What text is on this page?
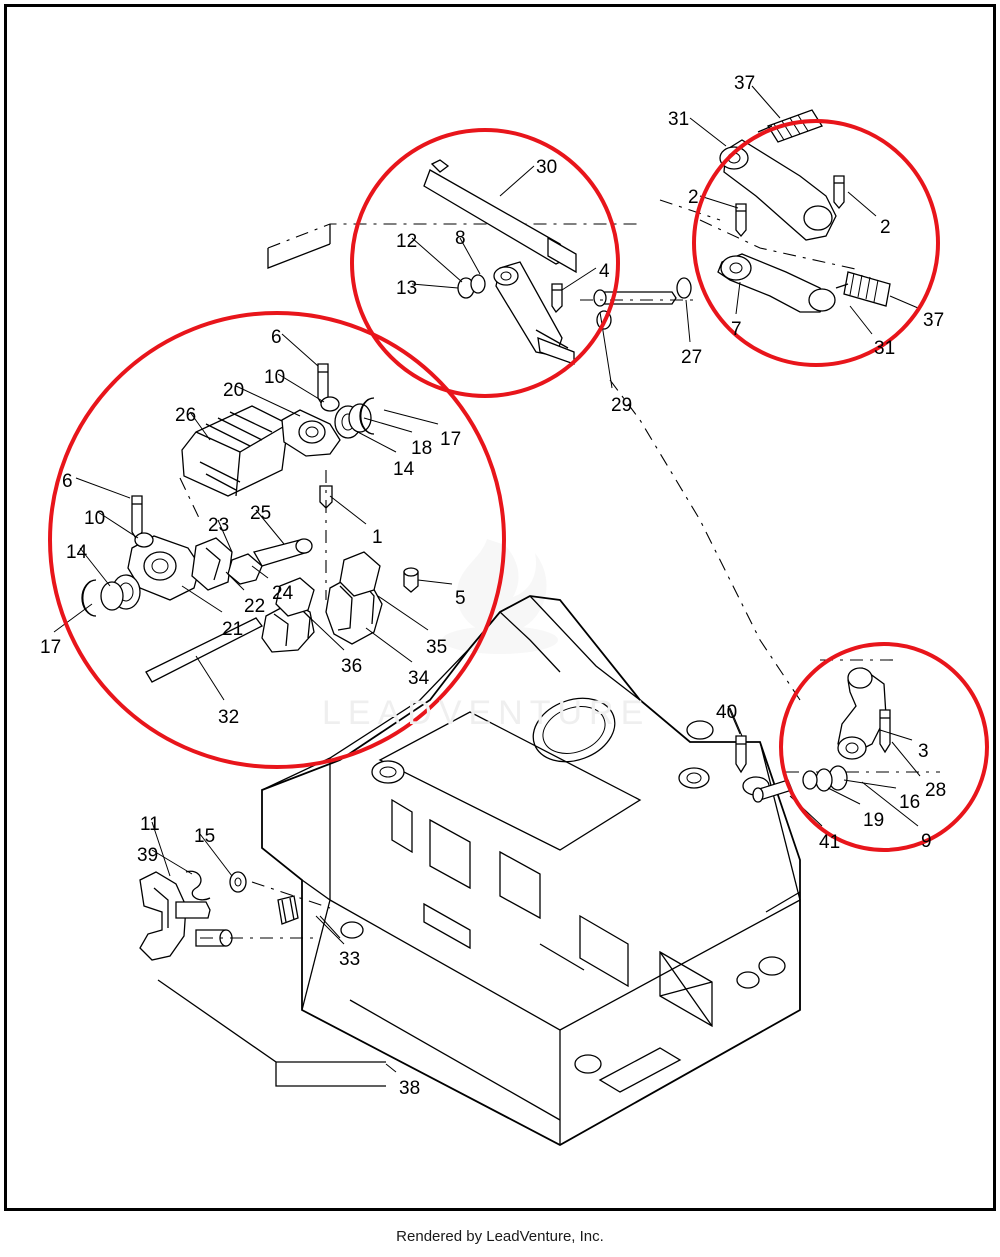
LEADVENTURE
37
31
2
2
30
12 8
4
13
37
7
27	31
29
6
10
20
26
18 17
14
6
10	25
23
1
14
24
22
21
5
17	35
34
36
32	40
3
28
16
19
41	9
11
15
39
33
38
Rendered by LeadVenture, Inc.
